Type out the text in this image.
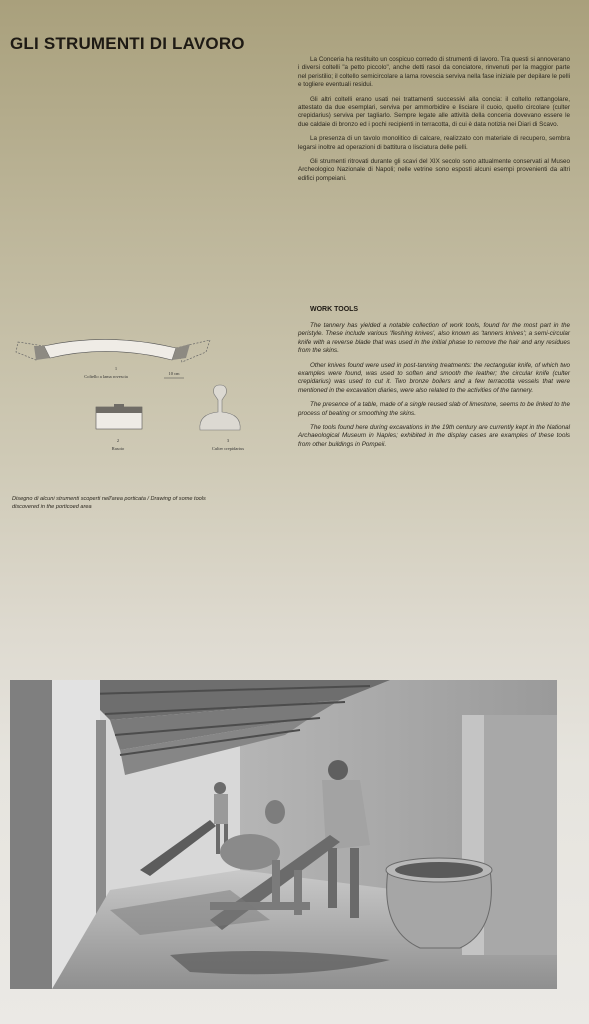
GLI STRUMENTI DI LAVORO

La Conceria ha restituito un cospicuo corredo di strumenti di lavoro. Tra questi si annoverano i diversi coltelli "a petto piccolo", anche detti rasoi da conciatore, rinvenuti per la maggior parte nel peristilio; il coltello semicircolare a lama rovescia serviva nella fase iniziale per depilare le pelli e togliere eventuali residui.

Gli altri coltelli erano usati nei trattamenti successivi alla concia: il coltello rettangolare, attestato da due esemplari, serviva per ammorbidire e lisciare il cuoio, quello circolare (culter crepidarius) serviva per tagliarlo. Sempre legate alle attività della conceria dovevano essere le due caldaie di bronzo ed i pochi recipienti in terracotta, di cui è data notizia nei Diari di Scavo.

La presenza di un tavolo monolitico di calcare, realizzato con materiale di recupero, sembra legarsi inoltre ad operazioni di battitura o lisciatura delle pelli.

Gli strumenti ritrovati durante gli scavi del XIX secolo sono attualmente conservati al Museo Archeologico Nazionale di Napoli; nelle vetrine sono esposti alcuni esempi provenienti da altri edifici pompeiani.

WORK TOOLS

The tannery has yielded a notable collection of work tools, found for the most part in the peristyle. These include various 'fleshing knives', also known as 'tanners knives'; a semi-circular knife with a reverse blade that was used in the initial phase to remove the hair and any residues from the skins.

Other knives found were used in post-tanning treatments: the rectangular knife, of which two examples were found, was used to soften and smooth the leather; the circular knife (culter crepidarius) was used to cut it. Two bronze boilers and a few terracotta vessels that were mentioned in the excavation diaries, were also related to the activities of the tannery.

The presence of a table, made of a single reused slab of limestone, seems to be linked to the process of beating or smoothing the skins.

The tools found here during excavations in the 19th century are currently kept in the National Archaeological Museum in Naples; exhibited in the display cases are examples of these tools from other buildings in Pompeii.

1
Coltello a lama rovescia
10 cm
2
Rasoio
3
Culter crepidarius
Disegno di alcuni strumenti scoperti nell'area porticata / Drawing of some tools discovered in the porticoed area
